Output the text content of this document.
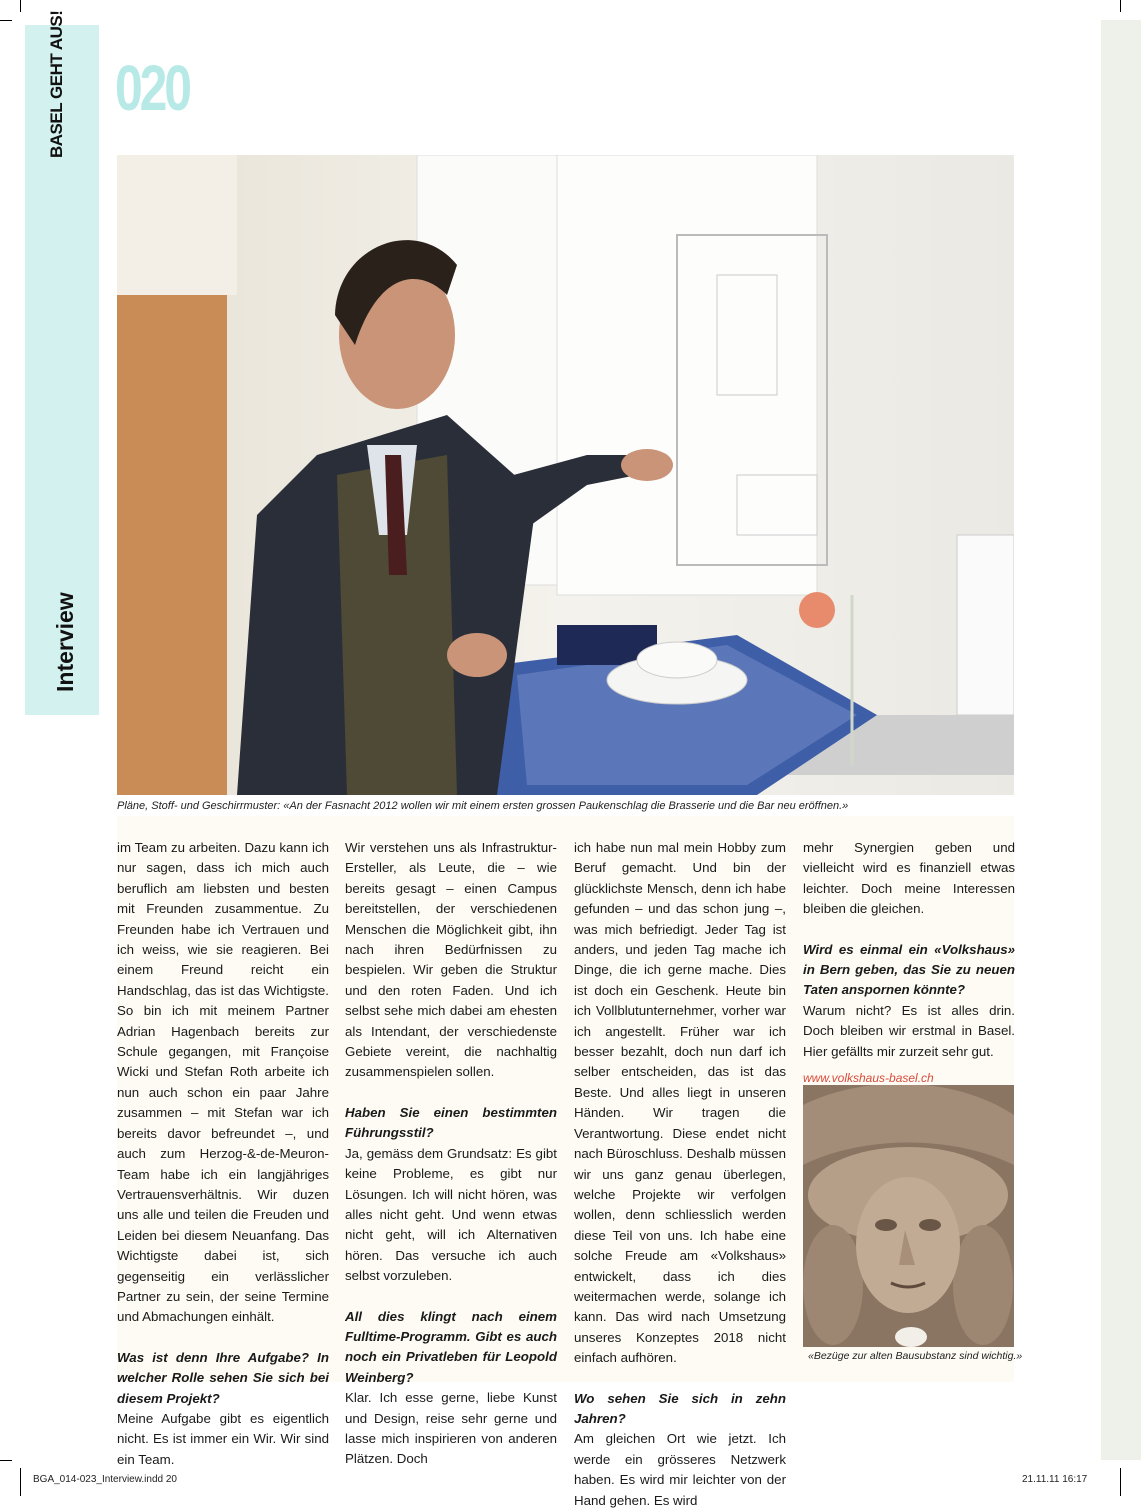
BASEL GEHT AUS!
Interview
020
Pläne, Stoff- und Geschirrmuster: «An der Fasnacht 2012 wollen wir mit einem ersten grossen Paukenschlag die Brasserie und die Bar neu eröffnen.»

im Team zu arbeiten. Dazu kann ich nur sagen, dass ich mich auch beruflich am liebsten und besten mit Freunden zusammentue. Zu Freunden habe ich Vertrauen und ich weiss, wie sie reagieren. Bei einem Freund reicht ein Handschlag, das ist das Wichtigste. So bin ich mit meinem Partner Adrian Hagenbach bereits zur Schule gegangen, mit Françoise Wicki und Stefan Roth arbeite ich nun auch schon ein paar Jahre zusammen – mit Stefan war ich bereits davor befreundet –, und auch zum Herzog-&-de-Meuron-Team habe ich ein langjähriges Vertrauensverhältnis. Wir duzen uns alle und teilen die Freuden und Leiden bei diesem Neuanfang. Das Wichtigste dabei ist, sich gegenseitig ein verlässlicher Partner zu sein, der seine Termine und Abmachungen einhält.

Was ist denn Ihre Aufgabe? In welcher Rolle sehen Sie sich bei diesem Projekt?

Meine Aufgabe gibt es eigentlich nicht. Es ist immer ein Wir. Wir sind ein Team.

Wir verstehen uns als Infrastruktur-Ersteller, als Leute, die – wie bereits gesagt – einen Campus bereitstellen, der verschiedenen Menschen die Möglichkeit gibt, ihn nach ihren Bedürfnissen zu bespielen. Wir geben die Struktur und den roten Faden. Und ich selbst sehe mich dabei am ehesten als Intendant, der verschiedenste Gebiete vereint, die nachhaltig zusammenspielen sollen.

Haben Sie einen bestimmten Führungsstil?

Ja, gemäss dem Grundsatz: Es gibt keine Probleme, es gibt nur Lösungen. Ich will nicht hören, was alles nicht geht. Und wenn etwas nicht geht, will ich Alternativen hören. Das versuche ich auch selbst vorzuleben.

All dies klingt nach einem Fulltime-Programm. Gibt es auch noch ein Privatleben für Leopold Weinberg?

Klar. Ich esse gerne, liebe Kunst und Design, reise sehr gerne und lasse mich inspirieren von anderen Plätzen. Doch

ich habe nun mal mein Hobby zum Beruf gemacht. Und bin der glücklichste Mensch, denn ich habe gefunden – und das schon jung –, was mich befriedigt. Jeder Tag ist anders, und jeden Tag mache ich Dinge, die ich gerne mache. Dies ist doch ein Geschenk. Heute bin ich Vollblutunternehmer, vorher war ich angestellt. Früher war ich besser bezahlt, doch nun darf ich selber entscheiden, das ist das Beste. Und alles liegt in unseren Händen. Wir tragen die Verantwortung. Diese endet nicht nach Büroschluss. Deshalb müssen wir uns ganz genau überlegen, welche Projekte wir verfolgen wollen, denn schliesslich werden diese Teil von uns. Ich habe eine solche Freude am «Volkshaus» entwickelt, dass ich dies weitermachen werde, solange ich kann. Das wird nach Umsetzung unseres Konzeptes 2018 nicht einfach aufhören.

Wo sehen Sie sich in zehn Jahren?

Am gleichen Ort wie jetzt. Ich werde ein grösseres Netzwerk haben. Es wird mir leichter von der Hand gehen. Es wird

mehr Synergien geben und vielleicht wird es finanziell etwas leichter. Doch meine Interessen bleiben die gleichen.

Wird es einmal ein «Volkshaus» in Bern geben, das Sie zu neuen Taten anspornen könnte?

Warum nicht? Es ist alles drin. Doch bleiben wir erstmal in Basel. Hier gefällts mir zurzeit sehr gut.

www.volkshaus-basel.ch

«Bezüge zur alten Bausubstanz sind wichtig.»
BGA_014-023_Interview.indd 20	21.11.11 16:17
